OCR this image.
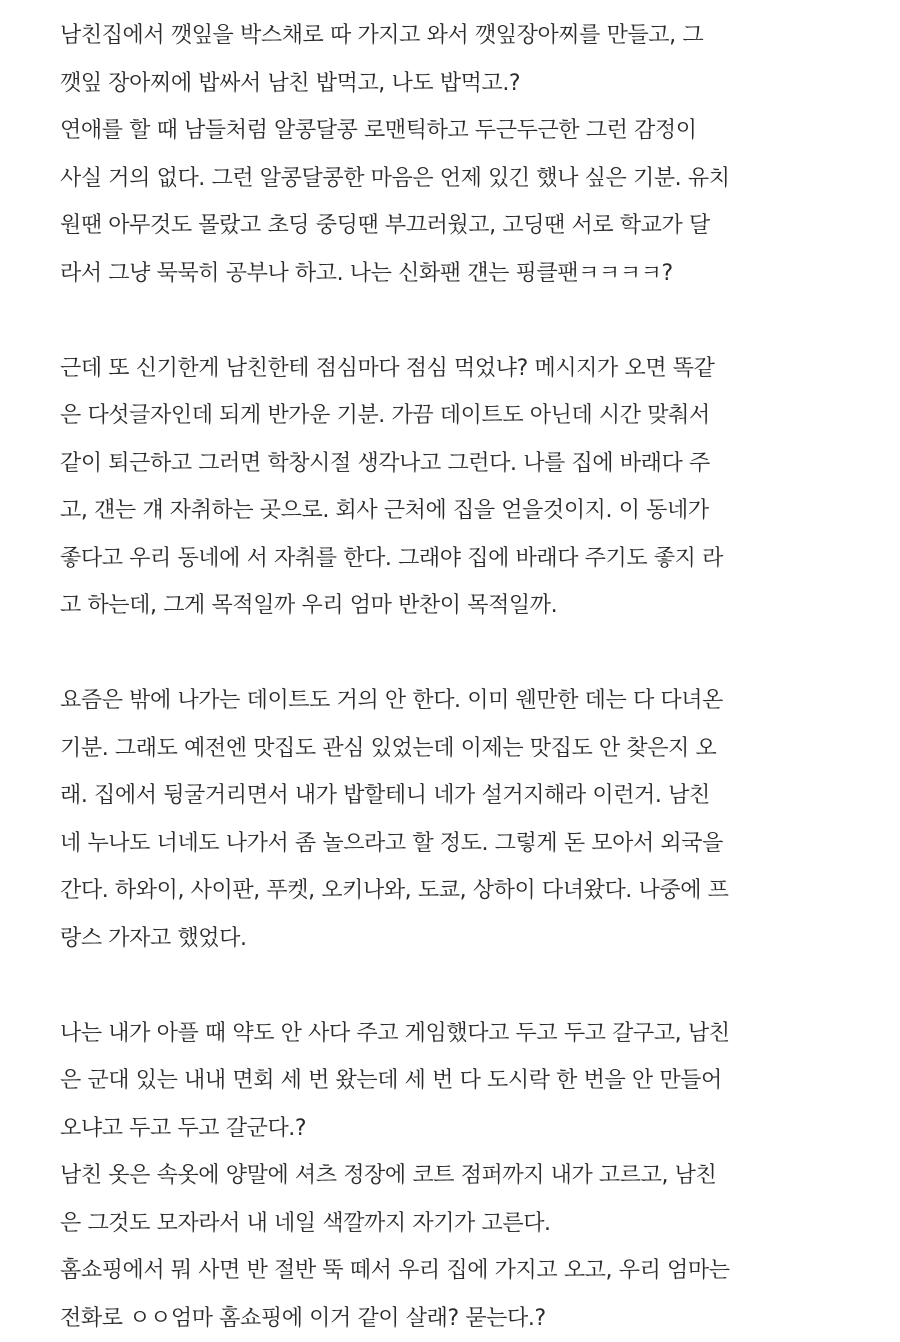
남친집에서 깻잎을 박스채로 따 가지고 와서 깻잎장아찌를 만들고, 그
깻잎 장아찌에 밥싸서 남친 밥먹고, 나도 밥먹고.?
연애를 할 때 남들처럼 알콩달콩 로맨틱하고 두근두근한 그런 감정이
사실 거의 없다. 그런 알콩달콩한 마음은 언제 있긴 했나 싶은 기분. 유치
원땐 아무것도 몰랐고 초딩 중딩땐 부끄러웠고, 고딩땐 서로 학교가 달
라서 그냥 묵묵히 공부나 하고. 나는 신화팬 걘는 핑클팬ㅋㅋㅋㅋ?
근데 또 신기한게 남친한테 점심마다 점심 먹었냐? 메시지가 오면 똑같
은 다섯글자인데 되게 반가운 기분. 가끔 데이트도 아닌데 시간 맞춰서
같이 퇴근하고 그러면 학창시절 생각나고 그런다. 나를 집에 바래다 주
고, 걘는 걔 자취하는 곳으로. 회사 근처에 집을 얻을것이지. 이 동네가
좋다고 우리 동네에 서 자취를 한다. 그래야 집에 바래다 주기도 좋지 라
고 하는데, 그게 목적일까 우리 엄마 반찬이 목적일까.
요즘은 밖에 나가는 데이트도 거의 안 한다. 이미 웬만한 데는 다 다녀온
기분. 그래도 예전엔 맛집도 관심 있었는데 이제는 맛집도 안 찾은지 오
래. 집에서 뒹굴거리면서 내가 밥할테니 네가 설거지해라 이런거. 남친
네 누나도 너네도 나가서 좀 놀으라고 할 정도. 그렇게 돈 모아서 외국을
간다. 하와이, 사이판, 푸켓, 오키나와, 도쿄, 상하이 다녀왔다. 나중에 프
랑스 가자고 했었다.
나는 내가 아플 때 약도 안 사다 주고 게임했다고 두고 두고 갈구고, 남친
은 군대 있는 내내 면회 세 번 왔는데 세 번 다 도시락 한 번을 안 만들어
오냐고 두고 두고 갈군다.?
남친 옷은 속옷에 양말에 셔츠 정장에 코트 점퍼까지 내가 고르고, 남친
은 그것도 모자라서 내 네일 색깔까지 자기가 고른다.
홈쇼핑에서 뭐 사면 반 절반 뚝 떼서 우리 집에 가지고 오고, 우리 엄마는
전화로 ㅇㅇ엄마 홈쇼핑에 이거 같이 살래? 묻는다.?
